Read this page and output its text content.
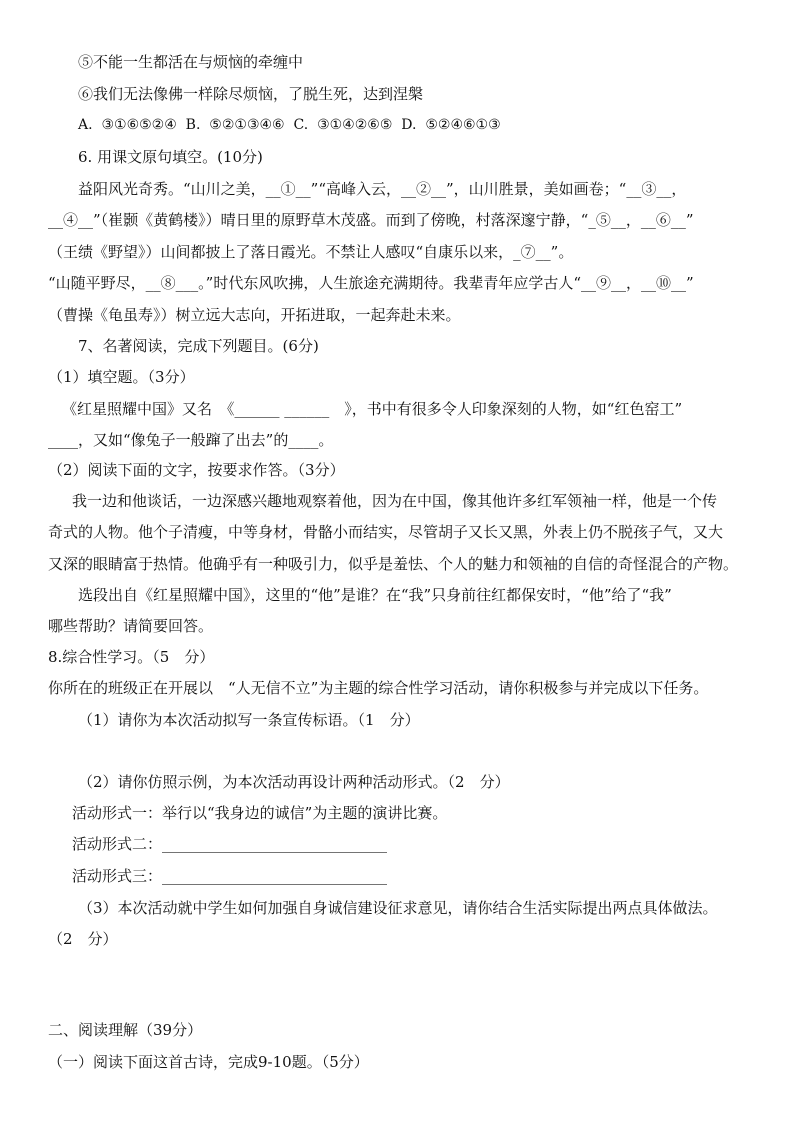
⑤不能一生都活在与烦恼的牵缠中
⑥我们无法像佛一样除尽烦恼，了脱生死，达到涅槃
A.  ③①⑥⑤②④  B.  ⑤②①③④⑥  C.  ③①④②⑥⑤  D.  ⑤②④⑥①③
6. 用课文原句填空。(10分)
益阳风光奇秀。“山川之美，__①__”“高峰入云，__②__”，山川胜景，美如画卷；“__③__，
__④__”（崔颢《黄鹤楼》）晴日里的原野草木茂盛。而到了傍晚，村落深邃宁静，“_⑤__，__⑥__”
（王绩《野望》）山间都披上了落日霞光。不禁让人感叹“自康乐以来，_⑦__”。
“山随平野尽，__⑧___。”时代东风吹拂，人生旅途充满期待。我辈青年应学古人“__⑨__，__⑩__”
（曹操《龟虽寿》）树立远大志向，开拓进取，一起奔赴未来。
7、名著阅读，完成下列题目。(6分)
（1）填空题。（3分）
《红星照耀中国》又名　《______ ______　》，书中有很多令人印象深刻的人物，如“红色窑工”
____，又如“像兔子一般蹿了出去”的____。
（2）阅读下面的文字，按要求作答。（3分）
我一边和他谈话，一边深感兴趣地观察着他，因为在中国，像其他许多红军领袖一样，他是一个传
奇式的人物。他个子清瘦，中等身材，骨骼小而结实，尽管胡子又长又黑，外表上仍不脱孩子气，又大
又深的眼睛富于热情。他确乎有一种吸引力，似乎是羞怯、个人的魅力和领袖的自信的奇怪混合的产物。
选段出自《红星照耀中国》，这里的“他”是谁？在“我”只身前往红都保安时，“他”给了“我”
哪些帮助？请简要回答。
8.综合性学习。（5　分）
你所在的班级正在开展以　“人无信不立”为主题的综合性学习活动，请你积极参与并完成以下任务。
（1）请你为本次活动拟写一条宣传标语。（1　分）
（2）请你仿照示例，为本次活动再设计两种活动形式。（2　分）
活动形式一：举行以“我身边的诚信”为主题的演讲比赛。
活动形式二：______________________________
活动形式三：______________________________
（3）本次活动就中学生如何加强自身诚信建设征求意见，请你结合生活实际提出两点具体做法。
（2　分）
二、阅读理解（39分）
（一）阅读下面这首古诗，完成9-10题。（5分）
